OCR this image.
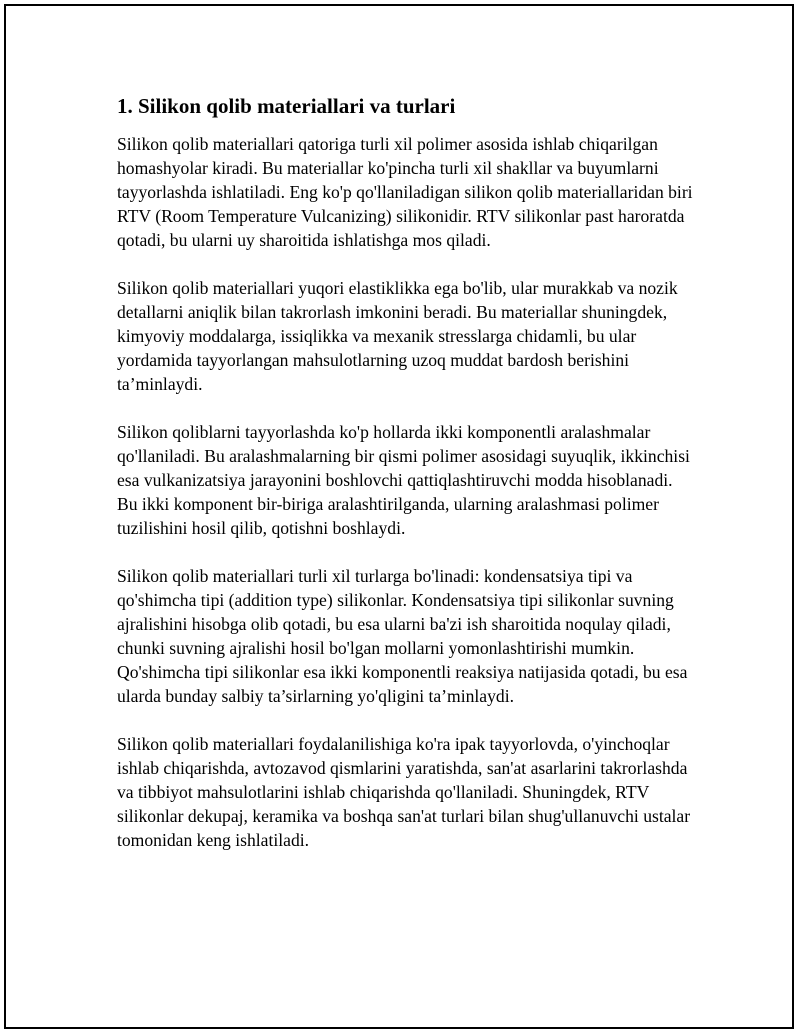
1. Silikon qolib materiallari va turlari

Silikon qolib materiallari qatoriga turli xil polimer asosida ishlab chiqarilgan homashyolar kiradi. Bu materiallar ko'pincha turli xil shakllar va buyumlarni tayyorlashda ishlatiladi. Eng ko'p qo'llaniladigan silikon qolib materiallaridan biri RTV (Room Temperature Vulcanizing) silikonidir. RTV silikonlar past haroratda qotadi, bu ularni uy sharoitida ishlatishga mos qiladi.

Silikon qolib materiallari yuqori elastiklikka ega bo'lib, ular murakkab va nozik detallarni aniqlik bilan takrorlash imkonini beradi. Bu materiallar shuningdek, kimyoviy moddalarga, issiqlikka va mexanik stresslarga chidamli, bu ular yordamida tayyorlangan mahsulotlarning uzoq muddat bardosh berishini ta’minlaydi.

Silikon qoliblarni tayyorlashda ko'p hollarda ikki komponentli aralashmalar qo'llaniladi. Bu aralashmalarning bir qismi polimer asosidagi suyuqlik, ikkinchisi esa vulkanizatsiya jarayonini boshlovchi qattiqlashtiruvchi modda hisoblanadi. Bu ikki komponent bir-biriga aralashtirilganda, ularning aralashmasi polimer tuzilishini hosil qilib, qotishni boshlaydi.

Silikon qolib materiallari turli xil turlarga bo'linadi: kondensatsiya tipi va qo'shimcha tipi (addition type) silikonlar. Kondensatsiya tipi silikonlar suvning ajralishini hisobga olib qotadi, bu esa ularni ba'zi ish sharoitida noqulay qiladi, chunki suvning ajralishi hosil bo'lgan mollarni yomonlashtirishi mumkin. Qo'shimcha tipi silikonlar esa ikki komponentli reaksiya natijasida qotadi, bu esa ularda bunday salbiy ta’sirlarning yo'qligini ta’minlaydi.

Silikon qolib materiallari foydalanilishiga ko'ra ipak tayyorlovda, o'yinchoqlar ishlab chiqarishda, avtozavod qismlarini yaratishda, san'at asarlarini takrorlashda va tibbiyot mahsulotlarini ishlab chiqarishda qo'llaniladi. Shuningdek, RTV silikonlar dekupaj, keramika va boshqa san'at turlari bilan shug'ullanuvchi ustalar tomonidan keng ishlatiladi.
